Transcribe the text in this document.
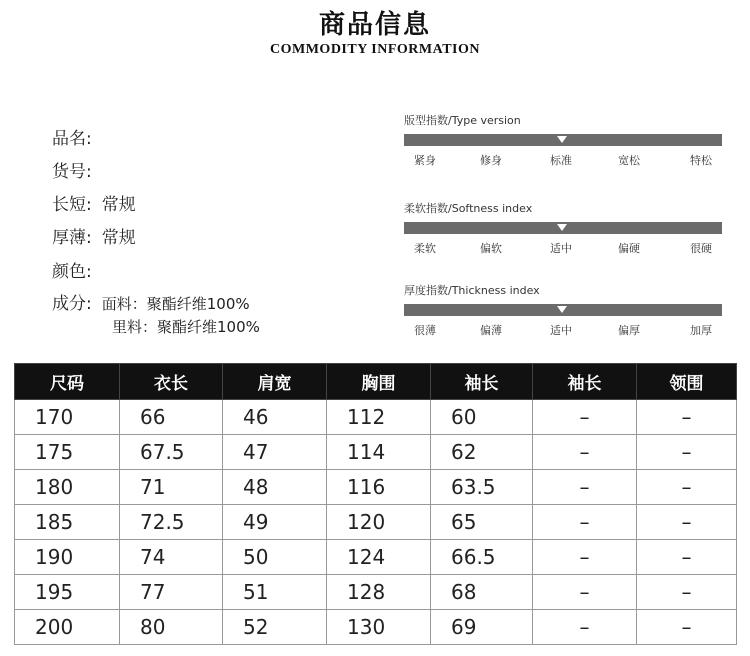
商品信息
COMMODITY INFORMATION
品名:
货号:
长短: 常规
厚薄: 常规
颜色:
成分: 面料：聚酯纤维100%
里料：聚酯纤维100%
版型指数/Type version
紧身	修身	标准	宽松	特松
柔软指数/Softness index
柔软	偏软	适中	偏硬	很硬
厚度指数/Thickness index
很薄	偏薄	适中	偏厚	加厚
尺码	衣长	肩宽	胸围	袖长	袖长	领围
170	66	46	112	60	–	–
175	67.5	47	114	62	–	–
180	71	48	116	63.5	–	–
185	72.5	49	120	65	–	–
190	74	50	124	66.5	–	–
195	77	51	128	68	–	–
200	80	52	130	69	–	–
